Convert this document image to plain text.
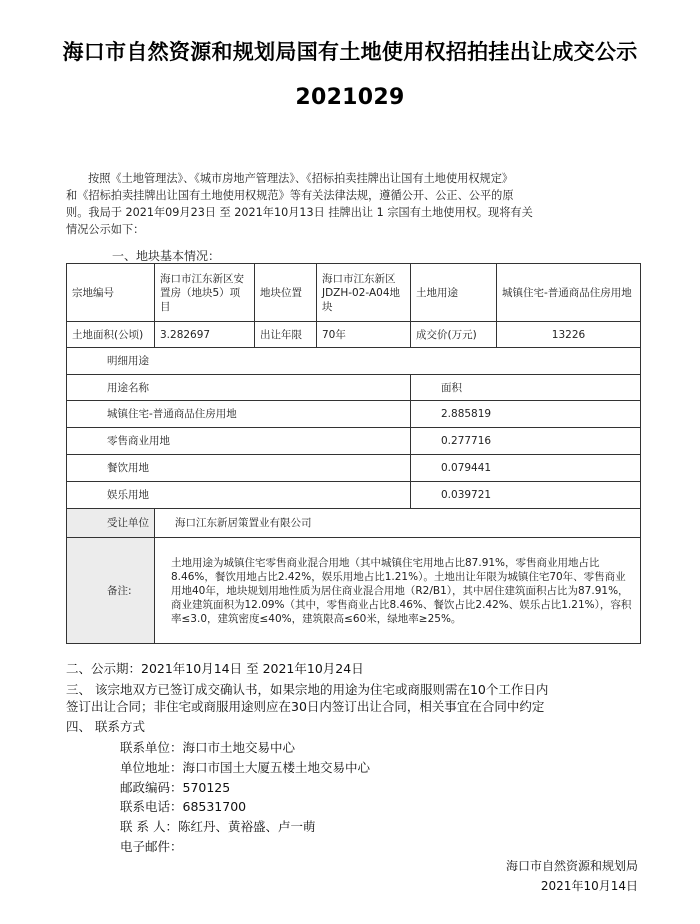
海口市自然资源和规划局国有土地使用权招拍挂出让成交公示
2021029
按照《土地管理法》、《城市房地产管理法》、《招标拍卖挂牌出让国有土地使用权规定》
和《招标拍卖挂牌出让国有土地使用权规范》等有关法律法规，遵循公开、公正、公平的原
则。我局于 2021年09月23日 至 2021年10月13日 挂牌出让 1 宗国有土地使用权。现将有关
情况公示如下：
一、地块基本情况：
宗地编号	海口市江东新区安置房（地块5）项目	地块位置	海口市江东新区JDZH-02-A04地块	土地用途	城镇住宅-普通商品住房用地
土地面积(公顷)	3.282697	出让年限	70年	成交价(万元)	13226
明细用途					
用途名称				面积	
城镇住宅-普通商品住房用地				2.885819	
零售商业用地				0.277716	
餐饮用地				0.079441	
娱乐用地				0.039721	
受让单位	海口江东新居策置业有限公司				
备注:	土地用途为城镇住宅零售商业混合用地（其中城镇住宅用地占比87.91%，零售商业用地占比8.46%，餐饮用地占比2.42%，娱乐用地占比1.21%）。土地出让年限为城镇住宅70年、零售商业用地40年，地块规划用地性质为居住商业混合用地（R2/B1），其中居住建筑面积占比为87.91%，商业建筑面积为12.09%（其中，零售商业占比8.46%、餐饮占比2.42%、娱乐占比1.21%），容积率≤3.0，建筑密度≤40%，建筑限高≤60米，绿地率≥25%。				
二、公示期：2021年10月14日 至 2021年10月24日
三、 该宗地双方已签订成交确认书，如果宗地的用途为住宅或商服则需在10个工作日内
签订出让合同；非住宅或商服用途则应在30日内签订出让合同，相关事宜在合同中约定
四、 联系方式
联系单位：海口市土地交易中心
单位地址：海口市国土大厦五楼土地交易中心
邮政编码：570125
联系电话：68531700
联 系 人：陈红丹、黄裕盛、卢一萌
电子邮件：
海口市自然资源和规划局
2021年10月14日
